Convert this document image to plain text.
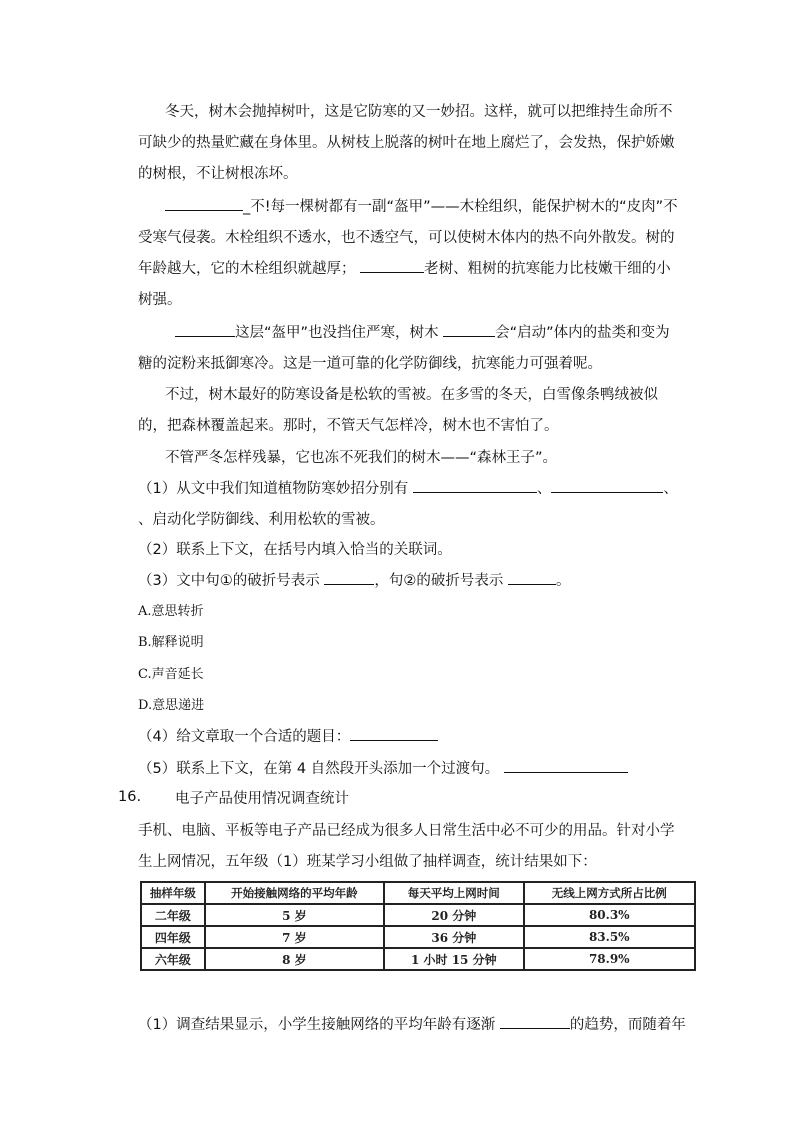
冬天，树木会抛掉树叶，这是它防寒的又一妙招。这样，就可以把维持生命所不可缺少的热量贮藏在身体里。从树枝上脱落的树叶在地上腐烂了，会发热，保护娇嫩的树根，不让树根冻坏。
_不!每一棵树都有一副“盔甲”——木栓组织，能保护树木的“皮肉”不受寒气侵袭。木栓组织不透水，也不透空气，可以使树木体内的热不向外散发。树的年龄越大，它的木栓组织就越厚；	老树、粗树的抗寒能力比枝嫩干细的小树强。
这层“盔甲”也没挡住严寒，树木	会“启动”体内的盐类和变为糖的淀粉来抵御寒冷。这是一道可靠的化学防御线，抗寒能力可强着呢。
不过，树木最好的防寒设备是松软的雪被。在多雪的冬天，白雪像条鸭绒被似的，把森林覆盖起来。那时，不管天气怎样冷，树木也不害怕了。
不管严冬怎样残暴，它也冻不死我们的树木——“森林王子”。
（1）从文中我们知道植物防寒妙招分别有	、	、
、启动化学防御线、利用松软的雪被。
（2）联系上下文，在括号内填入恰当的关联词。
（3）文中句①的破折号表示	，句②的破折号表示	。
A.意思转折
B.解释说明
C.声音延长
D.意思递进
（4）给文章取一个合适的题目：
（5）联系上下文，在第 4 自然段开头添加一个过渡句。
16. 电子产品使用情况调查统计
手机、电脑、平板等电子产品已经成为很多人日常生活中必不可少的用品。针对小学生上网情况，五年级（1）班某学习小组做了抽样调查，统计结果如下：
抽样年级	开始接触网络的平均年龄	每天平均上网时间	无线上网方式所占比例
二年级	5 岁	20 分钟	80.3%
四年级	7 岁	36 分钟	83.5%
六年级	8 岁	1 小时 15 分钟	78.9%
（1）调查结果显示，小学生接触网络的平均年龄有逐渐	的趋势，而随着年
